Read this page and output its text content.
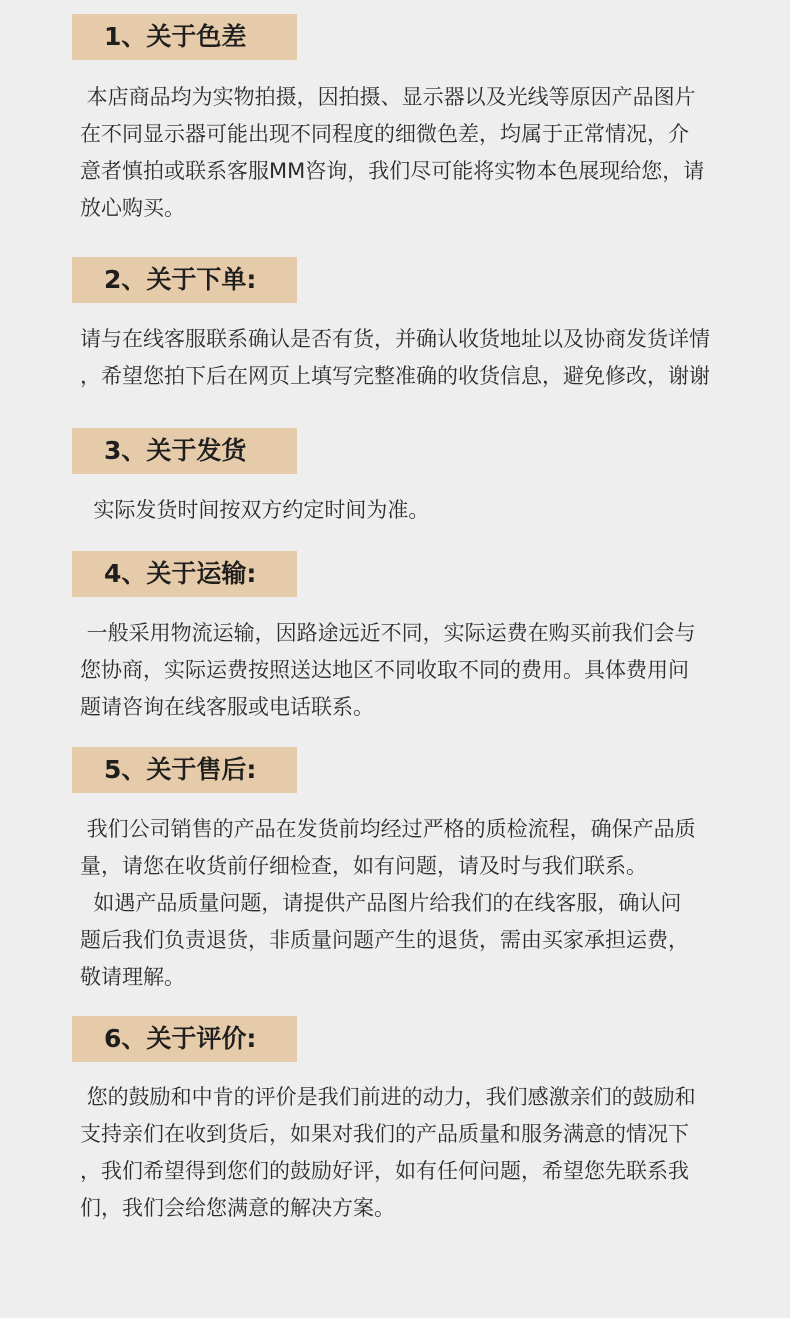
1、关于色差
本店商品均为实物拍摄，因拍摄、显示器以及光线等原因产品图片
在不同显示器可能出现不同程度的细微色差，均属于正常情况，介
意者慎拍或联系客服MM咨询，我们尽可能将实物本色展现给您，请
放心购买。
2、关于下单:
请与在线客服联系确认是否有货，并确认收货地址以及协商发货详情
，希望您拍下后在网页上填写完整准确的收货信息，避免修改，谢谢
3、关于发货
实际发货时间按双方约定时间为准。
4、关于运输:
一般采用物流运输，因路途远近不同，实际运费在购买前我们会与
您协商，实际运费按照送达地区不同收取不同的费用。具体费用问
题请咨询在线客服或电话联系。
5、关于售后:
我们公司销售的产品在发货前均经过严格的质检流程，确保产品质
量，请您在收货前仔细检查，如有问题，请及时与我们联系。
如遇产品质量问题，请提供产品图片给我们的在线客服，确认问
题后我们负责退货，非质量问题产生的退货，需由买家承担运费，
敬请理解。
6、关于评价:
您的鼓励和中肯的评价是我们前进的动力，我们感激亲们的鼓励和
支持亲们在收到货后，如果对我们的产品质量和服务满意的情况下
，我们希望得到您们的鼓励好评，如有任何问题，希望您先联系我
们，我们会给您满意的解决方案。
